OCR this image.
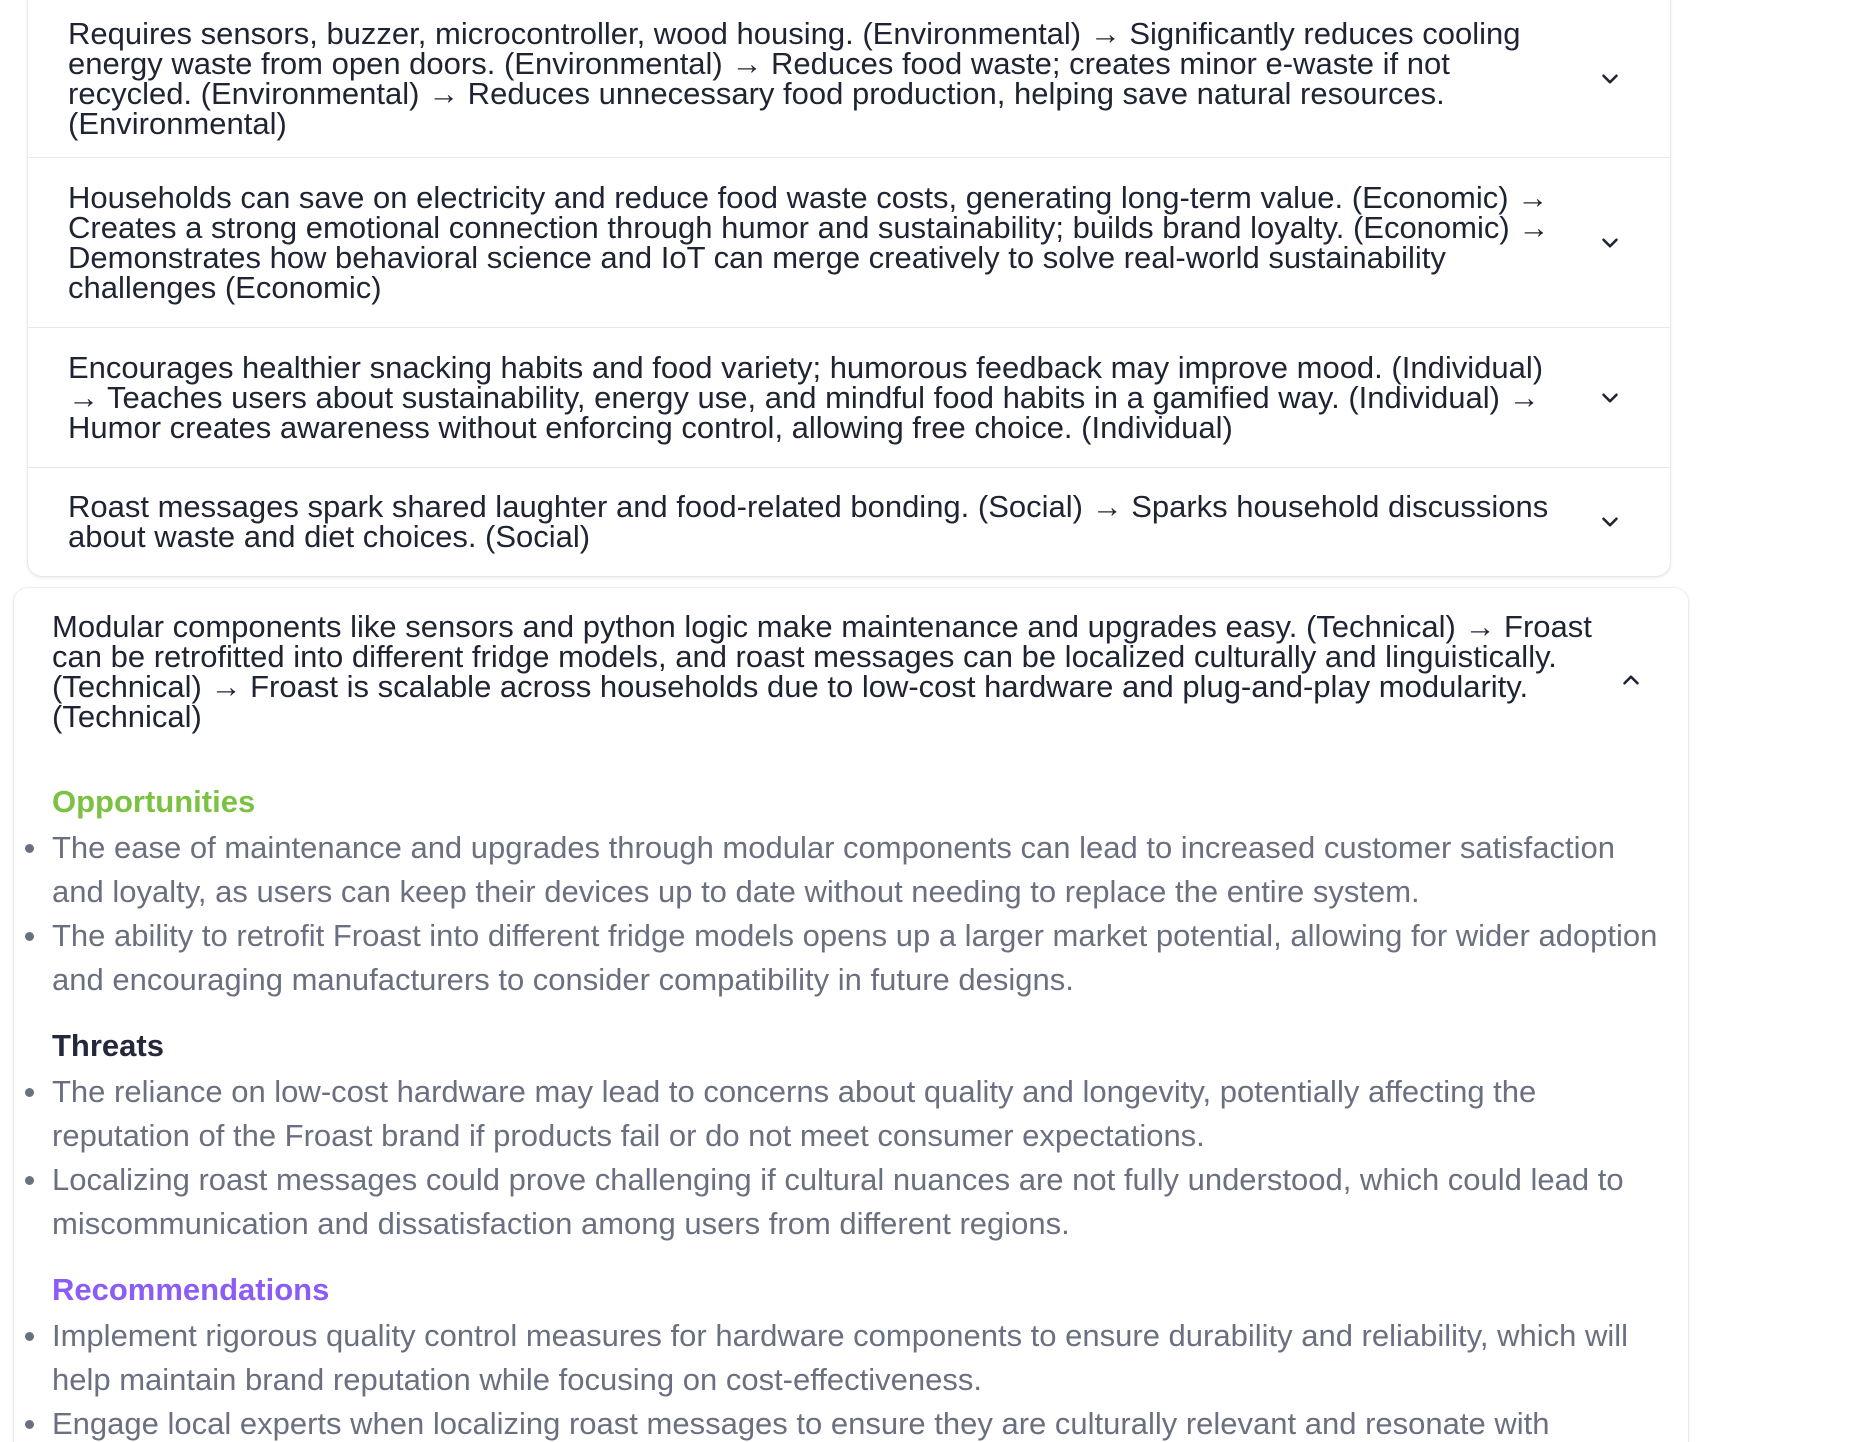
Requires sensors, buzzer, microcontroller, wood housing. (Environmental) → Significantly reduces cooling energy waste from open doors. (Environmental) → Reduces food waste; creates minor e-waste if not recycled. (Environmental) → Reduces unnecessary food production, helping save natural resources. (Environmental)
Households can save on electricity and reduce food waste costs, generating long-term value. (Economic) → Creates a strong emotional connection through humor and sustainability; builds brand loyalty. (Economic) → Demonstrates how behavioral science and IoT can merge creatively to solve real-world sustainability challenges (Economic)
Encourages healthier snacking habits and food variety; humorous feedback may improve mood. (Individual) → Teaches users about sustainability, energy use, and mindful food habits in a gamified way. (Individual) → Humor creates awareness without enforcing control, allowing free choice. (Individual)
Roast messages spark shared laughter and food-related bonding. (Social) → Sparks household discussions about waste and diet choices. (Social)
Modular components like sensors and python logic make maintenance and upgrades easy. (Technical) → Froast can be retrofitted into different fridge models, and roast messages can be localized culturally and linguistically. (Technical) → Froast is scalable across households due to low-cost hardware and plug-and-play modularity. (Technical)
Opportunities
The ease of maintenance and upgrades through modular components can lead to increased customer satisfaction and loyalty, as users can keep their devices up to date without needing to replace the entire system.
The ability to retrofit Froast into different fridge models opens up a larger market potential, allowing for wider adoption and encouraging manufacturers to consider compatibility in future designs.
Threats
The reliance on low-cost hardware may lead to concerns about quality and longevity, potentially affecting the reputation of the Froast brand if products fail or do not meet consumer expectations.
Localizing roast messages could prove challenging if cultural nuances are not fully understood, which could lead to miscommunication and dissatisfaction among users from different regions.
Recommendations
Implement rigorous quality control measures for hardware components to ensure durability and reliability, which will help maintain brand reputation while focusing on cost-effectiveness.
Engage local experts when localizing roast messages to ensure they are culturally relevant and resonate with
